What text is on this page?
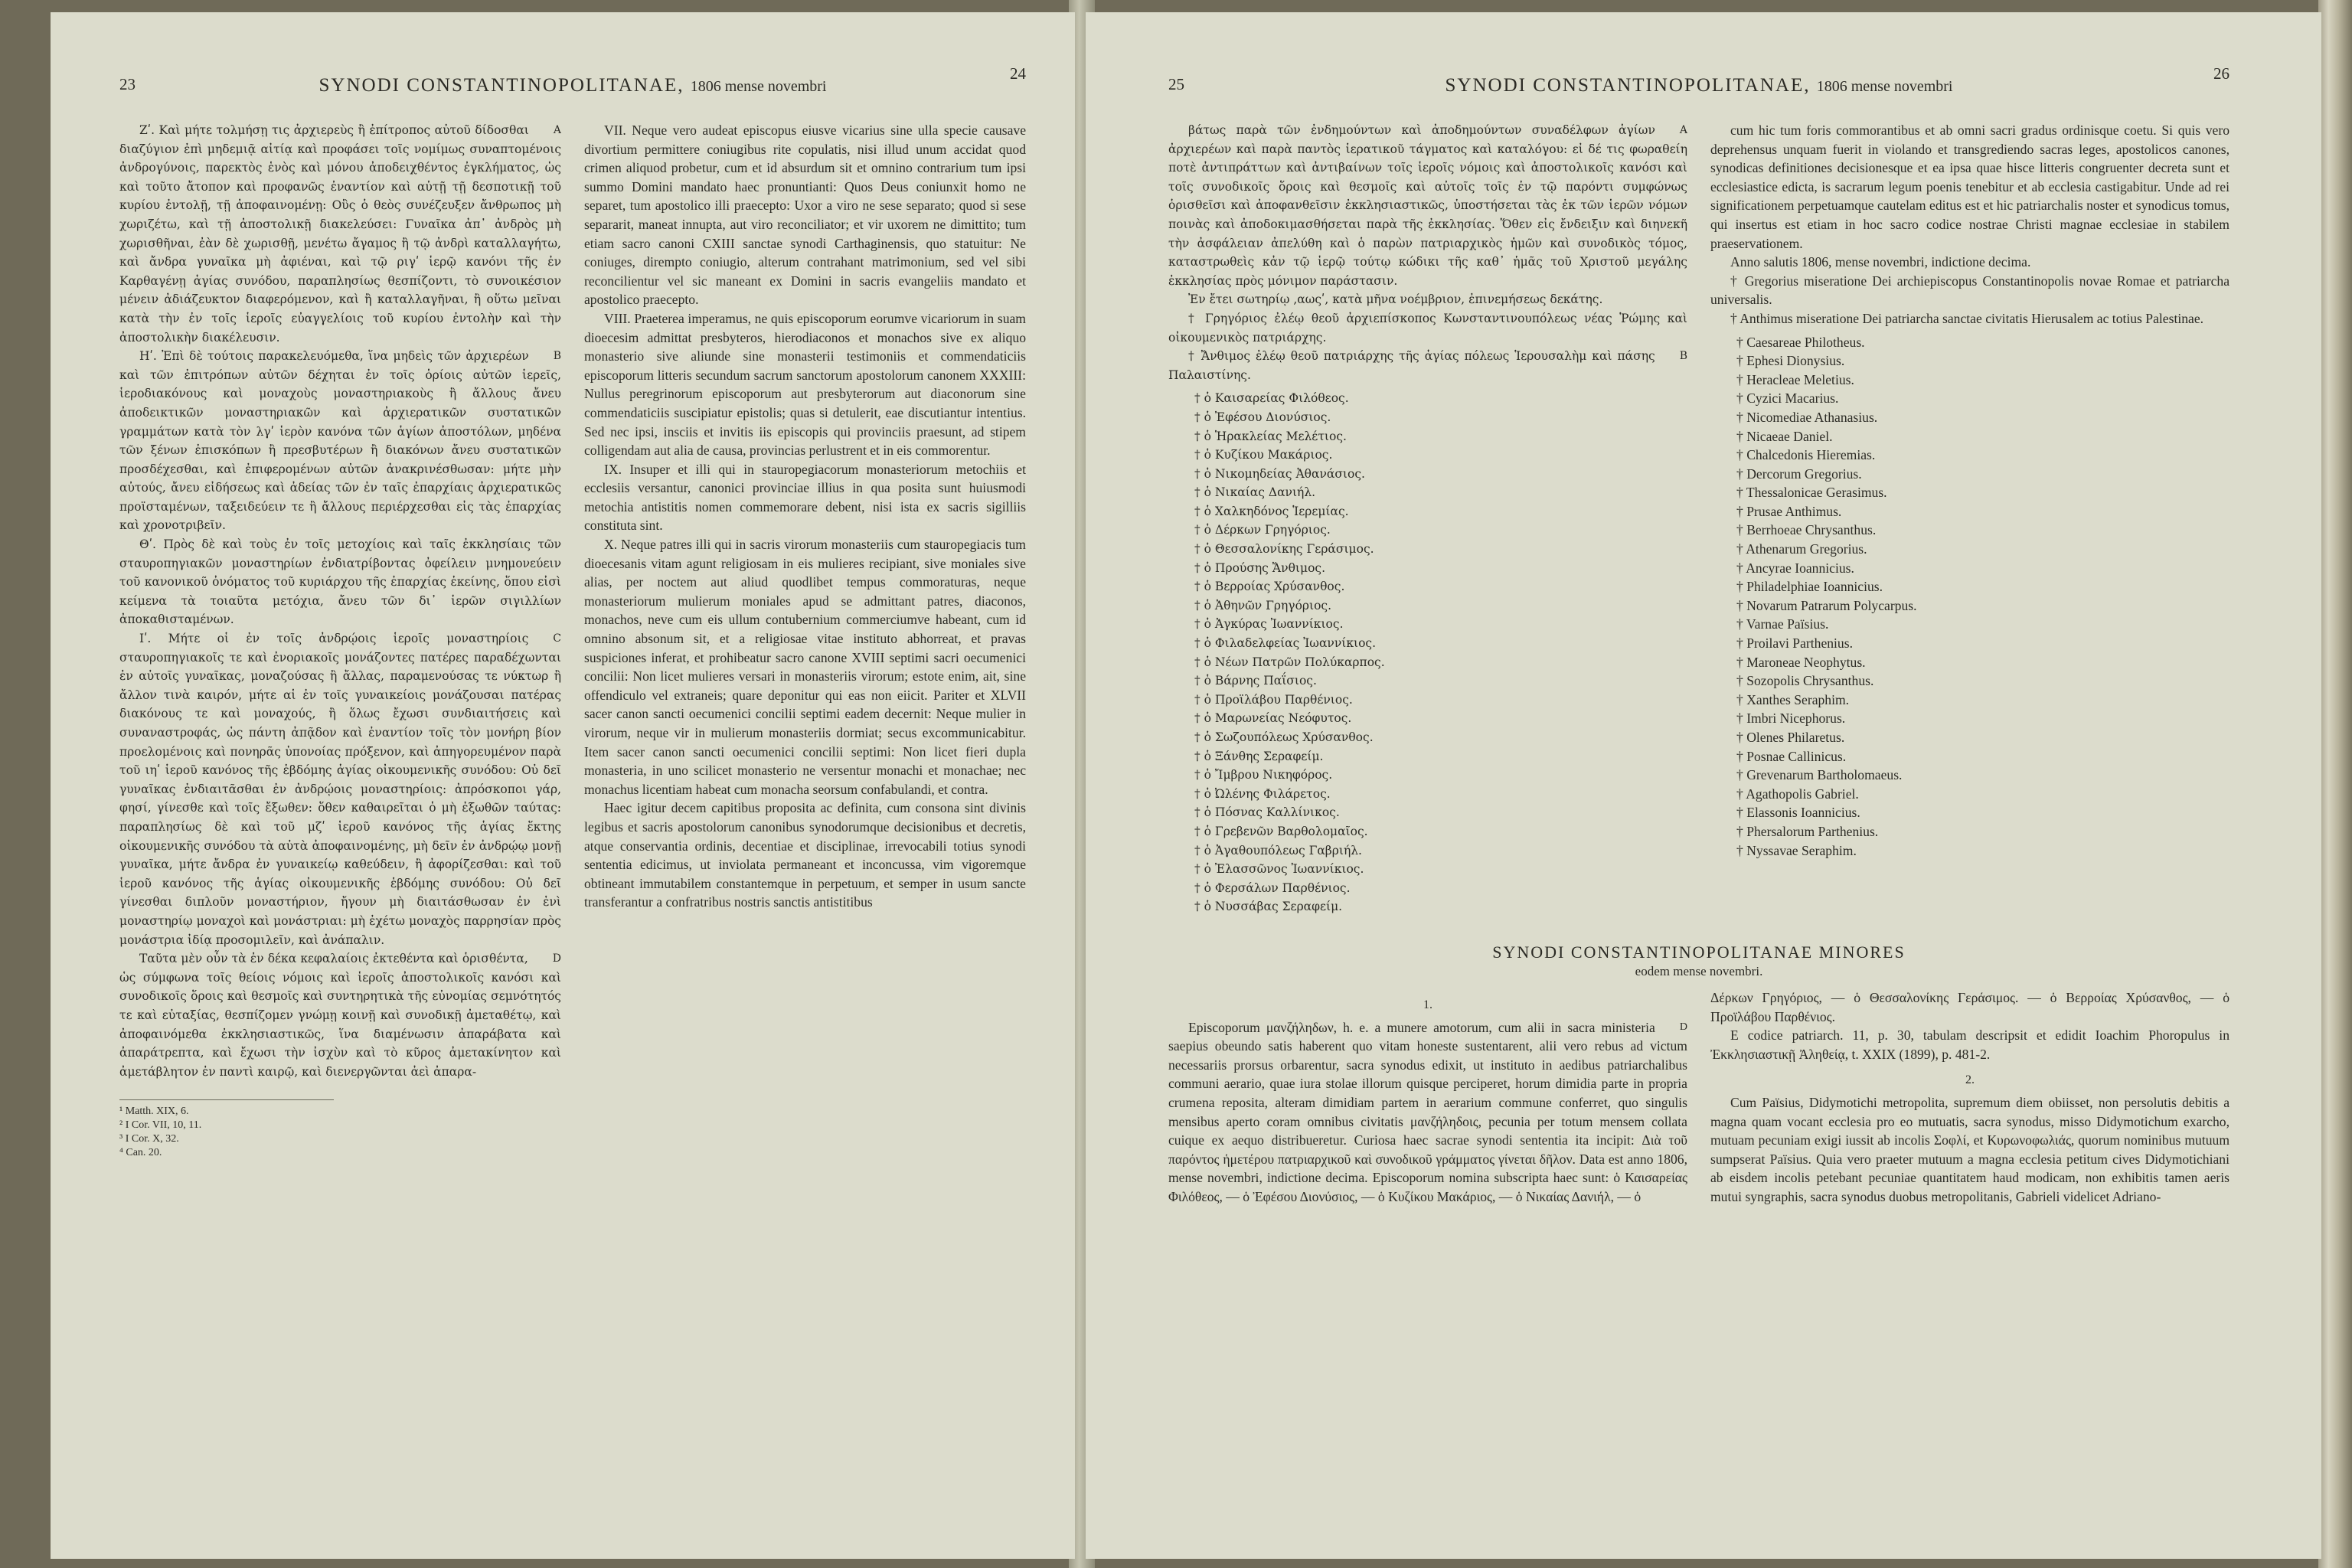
23	SYNODI CONSTANTINOPOLITANAE, 1806 mense novembri
24

A
Ζʹ. Καὶ μήτε τολμήσῃ τις ἀρχιερεὺς ἢ ἐπίτροπος αὐτοῦ δίδοσθαι διαζύγιον ἐπὶ μηδεμιᾷ αἰτίᾳ καὶ προφάσει τοῖς νομίμως συναπτομένοις ἀνδρογύνοις, παρεκτὸς ἑνὸς καὶ μόνου ἀποδειχθέντος ἐγκλήματος, ὡς καὶ τοῦτο ἄτοπον καὶ προφανῶς ἐναντίον καὶ αὐτῇ τῇ δεσποτικῇ τοῦ κυρίου ἐντολῇ, τῇ ἀποφαινομένῃ: Οὓς ὁ θεὸς συνέζευξεν ἄνθρωπος μὴ χωριζέτω, καὶ τῇ ἀποστολικῇ διακελεύσει: Γυναῖκα ἀπ᾽ ἀνδρὸς μὴ χωρισθῆναι, ἐὰν δὲ χωρισθῇ, μενέτω ἄγαμος ἢ τῷ ἀνδρὶ καταλλαγήτω, καὶ ἄνδρα γυναῖκα μὴ ἀφιέναι, καὶ τῷ ριγʹ ἱερῷ κανόνι τῆς ἐν Καρθαγένῃ ἁγίας συνόδου, παραπλησίως θεσπίζοντι, τὸ συνοικέσιον μένειν ἀδιάζευκτον διαφερόμενον, καὶ ἢ καταλλαγῆναι, ἢ οὕτω μεῖναι κατὰ τὴν ἐν τοῖς ἱεροῖς εὐαγγελίοις τοῦ κυρίου ἐντολὴν καὶ τὴν ἀποστολικὴν διακέλευσιν.

B
Ηʹ. Ἐπὶ δὲ τούτοις παρακελευόμεθα, ἵνα μηδεὶς τῶν ἀρχιερέων καὶ τῶν ἐπιτρόπων αὐτῶν δέχηται ἐν τοῖς ὁρίοις αὐτῶν ἱερεῖς, ἱεροδιακόνους καὶ μοναχοὺς μοναστηριακοὺς ἢ ἄλλους ἄνευ ἀποδεικτικῶν μοναστηριακῶν καὶ ἀρχιερατικῶν συστατικῶν γραμμάτων κατὰ τὸν λγʹ ἱερὸν κανόνα τῶν ἁγίων ἀποστόλων, μηδένα τῶν ξένων ἐπισκόπων ἢ πρεσβυτέρων ἢ διακόνων ἄνευ συστατικῶν προσδέχεσθαι, καὶ ἐπιφερομένων αὐτῶν ἀνακρινέσθωσαν: μήτε μὴν αὐτούς, ἄνευ εἰδήσεως καὶ ἀδείας τῶν ἐν ταῖς ἐπαρχίαις ἀρχιερατικῶς προϊσταμένων, ταξειδεύειν τε ἢ ἄλλους περιέρχεσθαι εἰς τὰς ἐπαρχίας καὶ χρονοτριβεῖν.

Θʹ. Πρὸς δὲ καὶ τοὺς ἐν τοῖς μετοχίοις καὶ ταῖς ἐκκλησίαις τῶν σταυροπηγιακῶν μοναστηρίων ἐνδιατρίβοντας ὀφείλειν μνημονεύειν τοῦ κανονικοῦ ὀνόματος τοῦ κυριάρχου τῆς ἐπαρχίας ἐκείνης, ὅπου εἰσὶ κείμενα τὰ τοιαῦτα μετόχια, ἄνευ τῶν δι᾽ ἱερῶν σιγιλλίων ἀποκαθισταμένων.

C
Ιʹ. Μήτε οἱ ἐν τοῖς ἀνδρῴοις ἱεροῖς μοναστηρίοις σταυροπηγιακοῖς τε καὶ ἐνοριακοῖς μονάζοντες πατέρες παραδέχωνται ἐν αὐτοῖς γυναῖκας, μοναζούσας ἢ ἄλλας, παραμενούσας τε νύκτωρ ἢ ἄλλον τινὰ καιρόν, μήτε αἱ ἐν τοῖς γυναικείοις μονάζουσαι πατέρας διακόνους τε καὶ μοναχούς, ἢ ὅλως ἔχωσι συνδιαιτήσεις καὶ συναναστροφάς, ὡς πάντη ἀπᾷδον καὶ ἐναντίον τοῖς τὸν μονήρη βίον προελομένοις καὶ πονηρᾶς ὑπονοίας πρόξενον, καὶ ἀπηγορευμένον παρὰ τοῦ ιηʹ ἱεροῦ κανόνος τῆς ἑβδόμης ἁγίας οἰκουμενικῆς συνόδου: Οὐ δεῖ γυναῖκας ἐνδιαιτᾶσθαι ἐν ἀνδρῴοις μοναστηρίοις: ἀπρόσκοποι γάρ, φησί, γίνεσθε καὶ τοῖς ἔξωθεν: ὅθεν καθαιρεῖται ὁ μὴ ἐξωθῶν ταύτας: παραπλησίως δὲ καὶ τοῦ μζʹ ἱεροῦ κανόνος τῆς ἁγίας ἕκτης οἰκουμενικῆς συνόδου τὰ αὐτὰ ἀποφαινομένης, μὴ δεῖν ἐν ἀνδρῴῳ μονῇ γυναῖκα, μήτε ἄνδρα ἐν γυναικείῳ καθεύδειν, ἢ ἀφορίζεσθαι: καὶ τοῦ ἱεροῦ κανόνος τῆς ἁγίας οἰκουμενικῆς ἑβδόμης συνόδου: Οὐ δεῖ γίνεσθαι διπλοῦν μοναστήριον, ἤγουν μὴ διαιτάσθωσαν ἐν ἑνὶ μοναστηρίῳ μοναχοὶ καὶ μονάστριαι: μὴ ἐχέτω μοναχὸς παρρησίαν πρὸς μονάστρια ἰδίᾳ προσομιλεῖν, καὶ ἀνάπαλιν.

D
Ταῦτα μὲν οὖν τὰ ἐν δέκα κεφαλαίοις ἐκτεθέντα καὶ ὁρισθέντα, ὡς σύμφωνα τοῖς θείοις νόμοις καὶ ἱεροῖς ἀποστολικοῖς κανόσι καὶ συνοδικοῖς ὅροις καὶ θεσμοῖς καὶ συντηρητικὰ τῆς εὐνομίας σεμνότητός τε καὶ εὐταξίας, θεσπίζομεν γνώμῃ κοινῇ καὶ συνοδικῇ ἀμεταθέτῳ, καὶ ἀποφαινόμεθα ἐκκλησιαστικῶς, ἵνα διαμένωσιν ἀπαράβατα καὶ ἀπαράτρεπτα, καὶ ἔχωσι τὴν ἰσχὺν καὶ τὸ κῦρος ἀμετακίνητον καὶ ἀμετάβλητον ἐν παντὶ καιρῷ, καὶ διενεργῶνται ἀεὶ ἀπαρα-

¹ Matth. XIX, 6.
² I Cor. VII, 10, 11.
³ I Cor. X, 32.
⁴ Can. 20.

VII. Neque vero audeat episcopus eiusve vicarius sine ulla specie causave divortium permittere coniugibus rite copulatis, nisi illud unum accidat quod crimen aliquod probetur, cum et id absurdum sit et omnino contrarium tum ipsi summo Domini mandato haec pronuntianti: Quos Deus coniunxit homo ne separet, tum apostolico illi praecepto: Uxor a viro ne sese separato; quod si sese separarit, maneat innupta, aut viro reconciliator; et vir uxorem ne dimittito; tum etiam sacro canoni CXIII sanctae synodi Carthaginensis, quo statuitur: Ne coniuges, dirempto coniugio, alterum contrahant matrimonium, sed vel sibi reconcilientur vel sic maneant ex Domini in sacris evangeliis mandato et apostolico praecepto.

VIII. Praeterea imperamus, ne quis episcoporum eorumve vicariorum in suam dioecesim admittat presbyteros, hierodiaconos et monachos sive ex aliquo monasterio sive aliunde sine monasterii testimoniis et commendaticiis episcoporum litteris secundum sacrum sanctorum apostolorum canonem XXXIII: Nullus peregrinorum episcoporum aut presbyterorum aut diaconorum sine commendaticiis suscipiatur epistolis; quas si detulerit, eae discutiantur intentius. Sed nec ipsi, insciis et invitis iis episcopis qui provinciis praesunt, ad stipem colligendam aut alia de causa, provincias perlustrent et in eis commorentur.

IX. Insuper et illi qui in stauropegiacorum monasteriorum metochiis et ecclesiis versantur, canonici provinciae illius in qua posita sunt huiusmodi metochia antistitis nomen commemorare debent, nisi ista ex sacris sigilliis constituta sint.

X. Neque patres illi qui in sacris virorum monasteriis cum stauropegiacis tum dioecesanis vitam agunt religiosam in eis mulieres recipiant, sive moniales sive alias, per noctem aut aliud quodlibet tempus commoraturas, neque monasteriorum mulierum moniales apud se admittant patres, diaconos, monachos, neve cum eis ullum contubernium commerciumve habeant, cum id omnino absonum sit, et a religiosae vitae instituto abhorreat, et pravas suspiciones inferat, et prohibeatur sacro canone XVIII septimi sacri oecumenici concilii: Non licet mulieres versari in monasteriis virorum; estote enim, ait, sine offendiculo vel extraneis; quare deponitur qui eas non eiicit. Pariter et XLVII sacer canon sancti oecumenici concilii septimi eadem decernit: Neque mulier in virorum, neque vir in mulierum monasteriis dormiat; secus excommunicabitur. Item sacer canon sancti oecumenici concilii septimi: Non licet fieri dupla monasteria, in uno scilicet monasterio ne versentur monachi et monachae; nec monachus licentiam habeat cum monacha seorsum confabulandi, et contra.

Haec igitur decem capitibus proposita ac definita, cum consona sint divinis legibus et sacris apostolorum canonibus synodorumque decisionibus et decretis, atque conservantia ordinis, decentiae et disciplinae, irrevocabili totius synodi sententia edicimus, ut inviolata permaneant et inconcussa, vim vigoremque obtineant immutabilem constantemque in perpetuum, et semper in usum sancte transferantur a confratribus nostris sanctis antistitibus

25	SYNODI CONSTANTINOPOLITANAE, 1806 mense novembri
26

A
βάτως παρὰ τῶν ἐνδημούντων καὶ ἀποδημούντων συναδέλφων ἁγίων ἀρχιερέων καὶ παρὰ παντὸς ἱερατικοῦ τάγματος καὶ καταλόγου: εἰ δέ τις φωραθείη ποτὲ ἀντιπράττων καὶ ἀντιβαίνων τοῖς ἱεροῖς νόμοις καὶ ἀποστολικοῖς κανόσι καὶ τοῖς συνοδικοῖς ὅροις καὶ θεσμοῖς καὶ αὐτοῖς τοῖς ἐν τῷ παρόντι συμφώνως ὁρισθεῖσι καὶ ἀποφανθεῖσιν ἐκκλησιαστικῶς, ὑποστήσεται τὰς ἐκ τῶν ἱερῶν νόμων ποινὰς καὶ ἀποδοκιμασθήσεται παρὰ τῆς ἐκκλησίας. Ὅθεν εἰς ἔνδειξιν καὶ διηνεκῆ τὴν ἀσφάλειαν ἀπελύθη καὶ ὁ παρὼν πατριαρχικὸς ἡμῶν καὶ συνοδικὸς τόμος, καταστρωθεὶς κἀν τῷ ἱερῷ τούτῳ κώδικι τῆς καθ᾽ ἡμᾶς τοῦ Χριστοῦ μεγάλης ἐκκλησίας πρὸς μόνιμον παράστασιν.

Ἐν ἔτει σωτηρίῳ ,αωςʹ, κατὰ μῆνα νοέμβριον, ἐπινεμήσεως δεκάτης.

† Γρηγόριος ἐλέῳ θεοῦ ἀρχιεπίσκοπος Κωνσταντινουπόλεως νέας Ῥώμης καὶ οἰκουμενικὸς πατριάρχης.

B
† Ἄνθιμος ἐλέῳ θεοῦ πατριάρχης τῆς ἁγίας πόλεως Ἱερουσαλὴμ καὶ πάσης Παλαιστίνης.

† ὁ Καισαρείας Φιλόθεος.
† ὁ Ἐφέσου Διονύσιος.
† ὁ Ἡρακλείας Μελέτιος.
† ὁ Κυζίκου Μακάριος.
† ὁ Νικομηδείας Ἀθανάσιος.
† ὁ Νικαίας Δανιήλ.
† ὁ Χαλκηδόνος Ἱερεμίας.
† ὁ Δέρκων Γρηγόριος.
† ὁ Θεσσαλονίκης Γεράσιμος.
† ὁ Προύσης Ἄνθιμος.
† ὁ Βερροίας Χρύσανθος.
† ὁ Ἀθηνῶν Γρηγόριος.
† ὁ Ἀγκύρας Ἰωαννίκιος.
† ὁ Φιλαδελφείας Ἰωαννίκιος.
† ὁ Νέων Πατρῶν Πολύκαρπος.
† ὁ Βάρνης Παΐσιος.
† ὁ Προϊλάβου Παρθένιος.
† ὁ Μαρωνείας Νεόφυτος.
† ὁ Σωζουπόλεως Χρύσανθος.
† ὁ Ξάνθης Σεραφείμ.
† ὁ Ἴμβρου Νικηφόρος.
† ὁ Ὠλένης Φιλάρετος.
† ὁ Πόσνας Καλλίνικος.
† ὁ Γρεβενῶν Βαρθολομαῖος.
† ὁ Ἀγαθουπόλεως Γαβριήλ.
† ὁ Ἐλασσῶνος Ἰωαννίκιος.
† ὁ Φερσάλων Παρθένιος.
† ὁ Νυσσάβας Σεραφείμ.

cum hic tum foris commorantibus et ab omni sacri gradus ordinisque coetu. Si quis vero deprehensus unquam fuerit in violando et transgrediendo sacras leges, apostolicos canones, synodicas definitiones decisionesque et ea ipsa quae hisce litteris congruenter decreta sunt et ecclesiastice edicta, is sacrarum legum poenis tenebitur et ab ecclesia castigabitur. Unde ad rei significationem perpetuamque cautelam editus est et hic patriarchalis noster et synodicus tomus, qui insertus est etiam in hoc sacro codice nostrae Christi magnae ecclesiae in stabilem praeservationem.

Anno salutis 1806, mense novembri, indictione decima.

† Gregorius miseratione Dei archiepiscopus Constantinopolis novae Romae et patriarcha universalis.

† Anthimus miseratione Dei patriarcha sanctae civitatis Hierusalem ac totius Palestinae.

† Caesareae Philotheus.
† Ephesi Dionysius.
† Heracleae Meletius.
† Cyzici Macarius.
† Nicomediae Athanasius.
† Nicaeae Daniel.
† Chalcedonis Hieremias.
† Dercorum Gregorius.
† Thessalonicae Gerasimus.
† Prusae Anthimus.
† Berrhoeae Chrysanthus.
† Athenarum Gregorius.
† Ancyrae Ioannicius.
† Philadelphiae Ioannicius.
† Novarum Patrarum Polycarpus.
† Varnae Païsius.
† Proilavi Parthenius.
† Maroneae Neophytus.
† Sozopolis Chrysanthus.
† Xanthes Seraphim.
† Imbri Nicephorus.
† Olenes Philaretus.
† Posnae Callinicus.
† Grevenarum Bartholomaeus.
† Agathopolis Gabriel.
† Elassonis Ioannicius.
† Phersalorum Parthenius.
† Nyssavae Seraphim.
SYNODI CONSTANTINOPOLITANAE MINORES
eodem mense novembri.
1.

D
Episcoporum μανζήληδων, h. e. a munere amotorum, cum alii in sacra ministeria saepius obeundo satis haberent quo vitam honeste sustentarent, alii vero rebus ad victum necessariis prorsus orbarentur, sacra synodus edixit, ut instituto in aedibus patriarchalibus communi aerario, quae iura stolae illorum quisque perciperet, horum dimidia parte in propria crumena reposita, alteram dimidiam partem in aerarium commune conferret, quo singulis mensibus aperto coram omnibus civitatis μανζήληδοις, pecunia per totum mensem collata cuique ex aequo distribueretur. Curiosa haec sacrae synodi sententia ita incipit: Διὰ τοῦ παρόντος ἡμετέρου πατριαρχικοῦ καὶ συνοδικοῦ γράμματος γίνεται δῆλον. Data est anno 1806, mense novembri, indictione decima. Episcoporum nomina subscripta haec sunt: ὁ Καισαρείας Φιλόθεος, — ὁ Ἐφέσου Διονύσιος, — ὁ Κυζίκου Μακάριος, — ὁ Νικαίας Δανιήλ, — ὁ

Δέρκων Γρηγόριος, — ὁ Θεσσαλονίκης Γεράσιμος. — ὁ Βερροίας Χρύσανθος, — ὁ Προϊλάβου Παρθένιος.

E codice patriarch. 11, p. 30, tabulam descripsit et edidit Ioachim Phoropulus in Ἐκκλησιαστικῇ Ἀληθείᾳ, t. XXIX (1899), p. 481-2.

2.

Cum Païsius, Didymotichi metropolita, supremum diem obiisset, non persolutis debitis a magna quam vocant ecclesia pro eo mutuatis, sacra synodus, misso Didymotichum exarcho, mutuam pecuniam exigi iussit ab incolis Σοφλί, et Κυρωνοφωλιάς, quorum nominibus mutuum sumpserat Païsius. Quia vero praeter mutuum a magna ecclesia petitum cives Didymotichiani ab eisdem incolis petebant pecuniae quantitatem haud modicam, non exhibitis tamen aeris mutui syngraphis, sacra synodus duobus metropolitanis, Gabrieli videlicet Adriano-
